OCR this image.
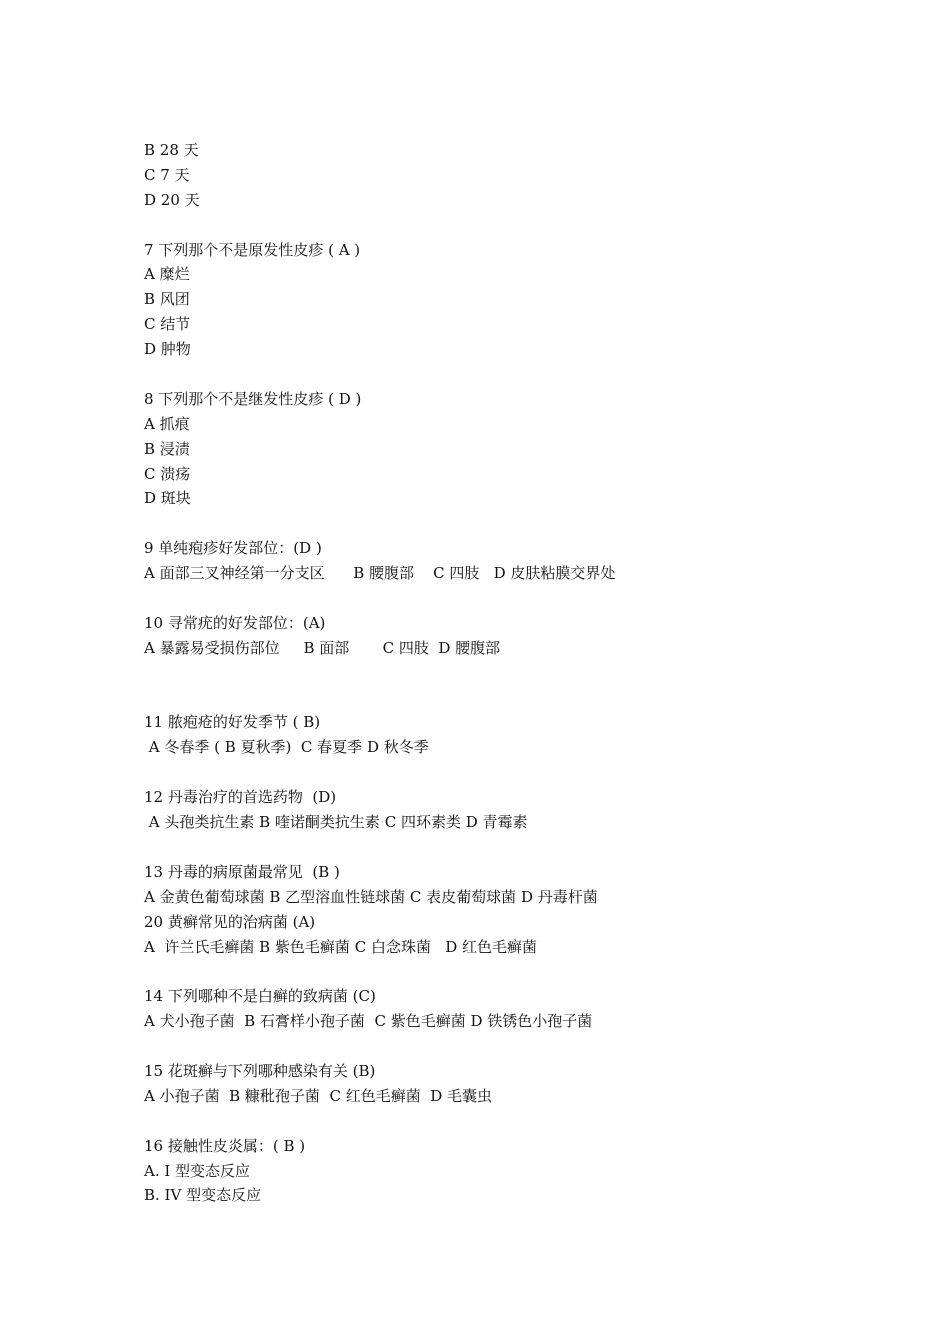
B 28 天
C 7 天
D 20 天
7 下列那个不是原发性皮疹 ( A )
A 糜烂
B 风团
C 结节
D 肿物
8 下列那个不是继发性皮疹 ( D )
A 抓痕
B 浸渍
C 溃疡
D 斑块
9 单纯疱疹好发部位：(D )
A 面部三叉神经第一分支区      B 腰腹部    C 四肢   D 皮肤粘膜交界处
10 寻常疣的好发部位：(A)
A 暴露易受损伤部位     B 面部       C 四肢  D 腰腹部
11 脓疱疮的好发季节 ( B)
A 冬春季 ( B 夏秋季)  C 春夏季 D 秋冬季
12 丹毒治疗的首选药物  (D)
A 头孢类抗生素 B 喹诺酮类抗生素 C 四环素类 D 青霉素
13 丹毒的病原菌最常见  (B )
A 金黄色葡萄球菌 B 乙型溶血性链球菌 C 表皮葡萄球菌 D 丹毒杆菌
20 黄癣常见的治病菌 (A)
A  许兰氏毛癣菌 B 紫色毛癣菌 C 白念珠菌   D 红色毛癣菌
14 下列哪种不是白癣的致病菌 (C)
A 犬小孢子菌  B 石膏样小孢子菌  C 紫色毛癣菌 D 铁锈色小孢子菌
15 花斑癣与下列哪种感染有关 (B)
A 小孢子菌  B 糠秕孢子菌  C 红色毛癣菌  D 毛囊虫
16 接触性皮炎属：( B )
A. I 型变态反应
B. IV 型变态反应
